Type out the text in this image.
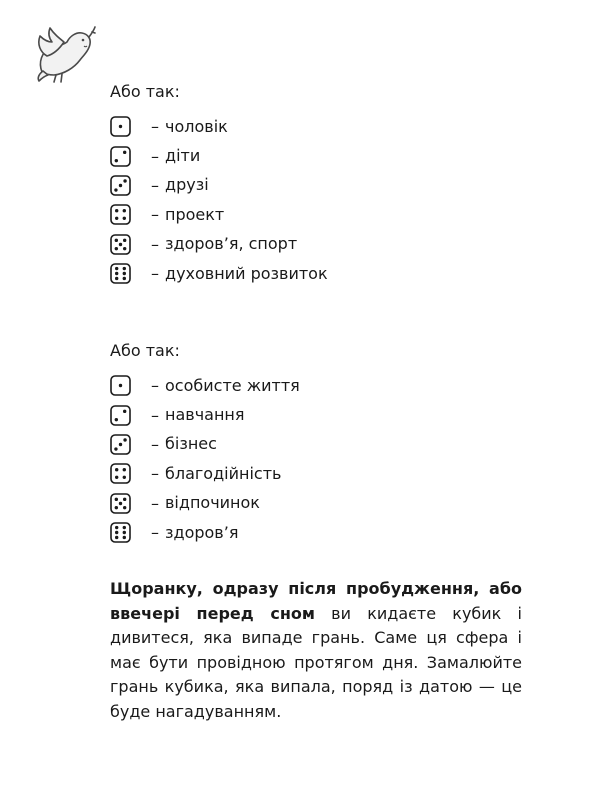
Або так:

– чоловік
– діти
– друзі
– проект
– здоров’я, спорт
– духовний розвиток

Або так:

– особисте життя
– навчання
– бізнес
– благодійність
– відпочинок
– здоров’я

Щоранку, одразу після пробудження, або ввечері перед сном ви кидаєте кубик і дивитеся, яка випаде грань. Саме ця сфера і має бути провідною протягом дня. Замалюйте грань кубика, яка випала, поряд із датою — це буде нагадуванням.
